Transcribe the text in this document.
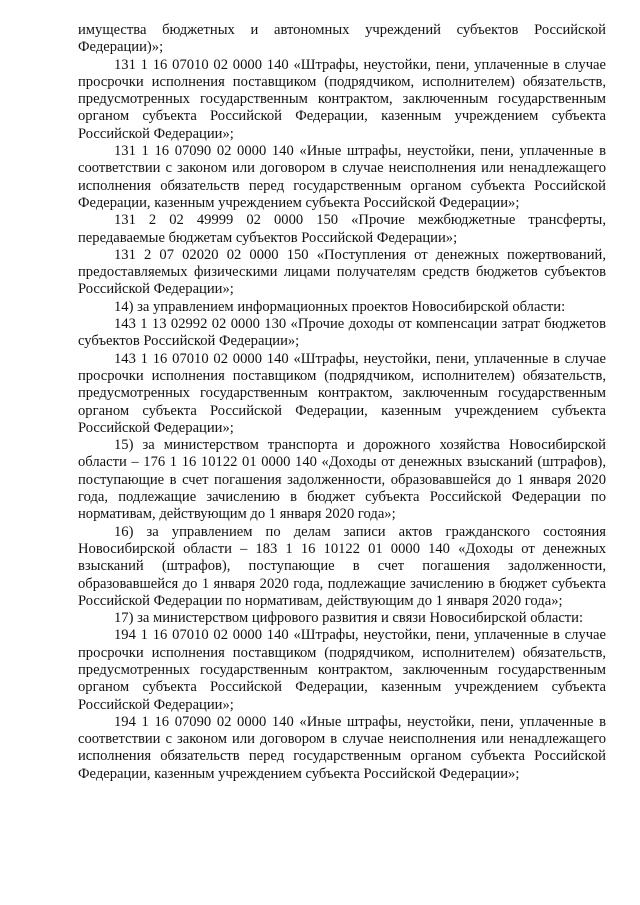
имущества бюджетных и автономных учреждений субъектов Российской Федерации)»;

131 1 16 07010 02 0000 140 «Штрафы, неустойки, пени, уплаченные в случае просрочки исполнения поставщиком (подрядчиком, исполнителем) обязательств, предусмотренных государственным контрактом, заключенным государственным органом субъекта Российской Федерации, казенным учреждением субъекта Российской Федерации»;

131 1 16 07090 02 0000 140 «Иные штрафы, неустойки, пени, уплаченные в соответствии с законом или договором в случае неисполнения или ненадлежащего исполнения обязательств перед государственным органом субъекта Российской Федерации, казенным учреждением субъекта Российской Федерации»;

131 2 02 49999 02 0000 150 «Прочие межбюджетные трансферты, передаваемые бюджетам субъектов Российской Федерации»;

131 2 07 02020 02 0000 150 «Поступления от денежных пожертвований, предоставляемых физическими лицами получателям средств бюджетов субъектов Российской Федерации»;

14) за управлением информационных проектов Новосибирской области:

143 1 13 02992 02 0000 130 «Прочие доходы от компенсации затрат бюджетов субъектов Российской Федерации»;

143 1 16 07010 02 0000 140 «Штрафы, неустойки, пени, уплаченные в случае просрочки исполнения поставщиком (подрядчиком, исполнителем) обязательств, предусмотренных государственным контрактом, заключенным государственным органом субъекта Российской Федерации, казенным учреждением субъекта Российской Федерации»;

15) за министерством транспорта и дорожного хозяйства Новосибирской области – 176 1 16 10122 01 0000 140 «Доходы от денежных взысканий (штрафов), поступающие в счет погашения задолженности, образовавшейся до 1 января 2020 года, подлежащие зачислению в бюджет субъекта Российской Федерации по нормативам, действующим до 1 января 2020 года»;

16) за управлением по делам записи актов гражданского состояния Новосибирской области – 183 1 16 10122 01 0000 140 «Доходы от денежных взысканий (штрафов), поступающие в счет погашения задолженности, образовавшейся до 1 января 2020 года, подлежащие зачислению в бюджет субъекта Российской Федерации по нормативам, действующим до 1 января 2020 года»;

17) за министерством цифрового развития и связи Новосибирской области:

194 1 16 07010 02 0000 140 «Штрафы, неустойки, пени, уплаченные в случае просрочки исполнения поставщиком (подрядчиком, исполнителем) обязательств, предусмотренных государственным контрактом, заключенным государственным органом субъекта Российской Федерации, казенным учреждением субъекта Российской Федерации»;

194 1 16 07090 02 0000 140 «Иные штрафы, неустойки, пени, уплаченные в соответствии с законом или договором в случае неисполнения или ненадлежащего исполнения обязательств перед государственным органом субъекта Российской Федерации, казенным учреждением субъекта Российской Федерации»;
